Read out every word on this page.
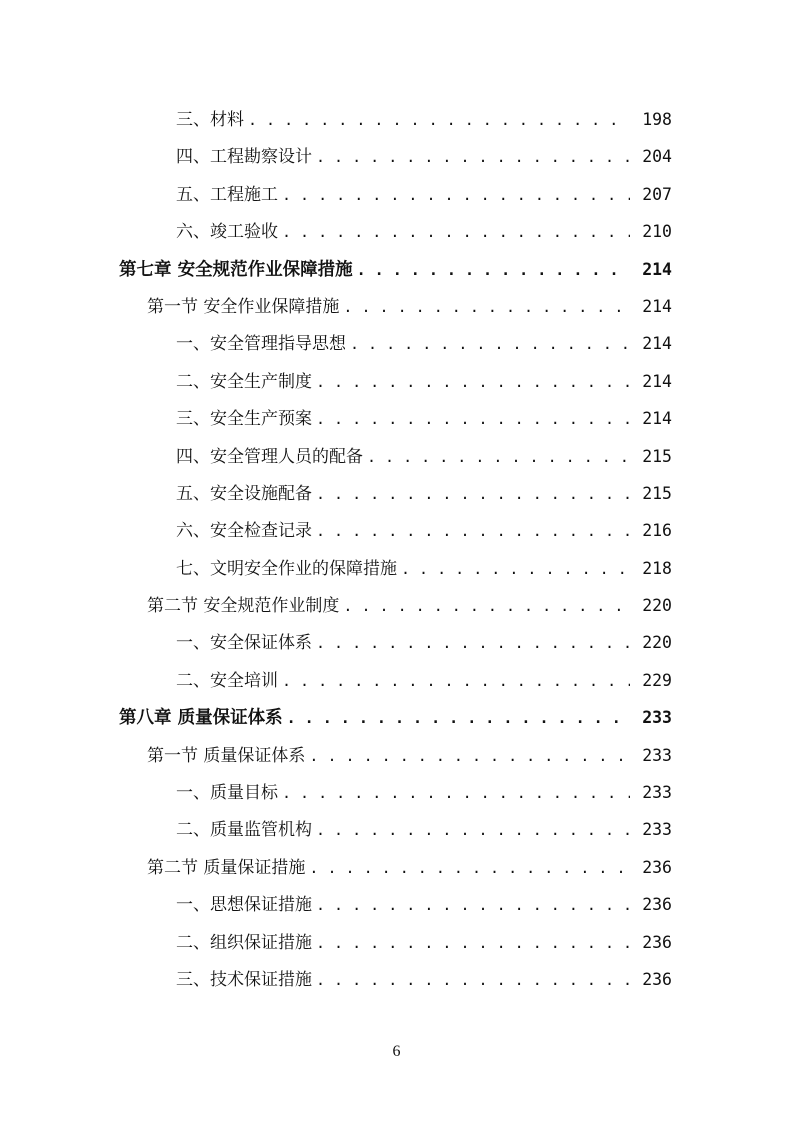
三、材料 . . .	198
四、工程勘察设计 . . .	204
五、工程施工 . . .	207
六、竣工验收 . . .	210
第七章 安全规范作业保障措施 . . .	214
第一节 安全作业保障措施 . . .	214
一、安全管理指导思想 . . .	214
二、安全生产制度 . . .	214
三、安全生产预案 . . .	214
四、安全管理人员的配备 . . .	215
五、安全设施配备 . . .	215
六、安全检查记录 . . .	216
七、文明安全作业的保障措施 . . .	218
第二节 安全规范作业制度 . . .	220
一、安全保证体系 . . .	220
二、安全培训 . . .	229
第八章 质量保证体系 . . .	233
第一节 质量保证体系 . . .	233
一、质量目标 . . .	233
二、质量监管机构 . . .	233
第二节 质量保证措施 . . .	236
一、思想保证措施 . . .	236
二、组织保证措施 . . .	236
三、技术保证措施 . . .	236
6
